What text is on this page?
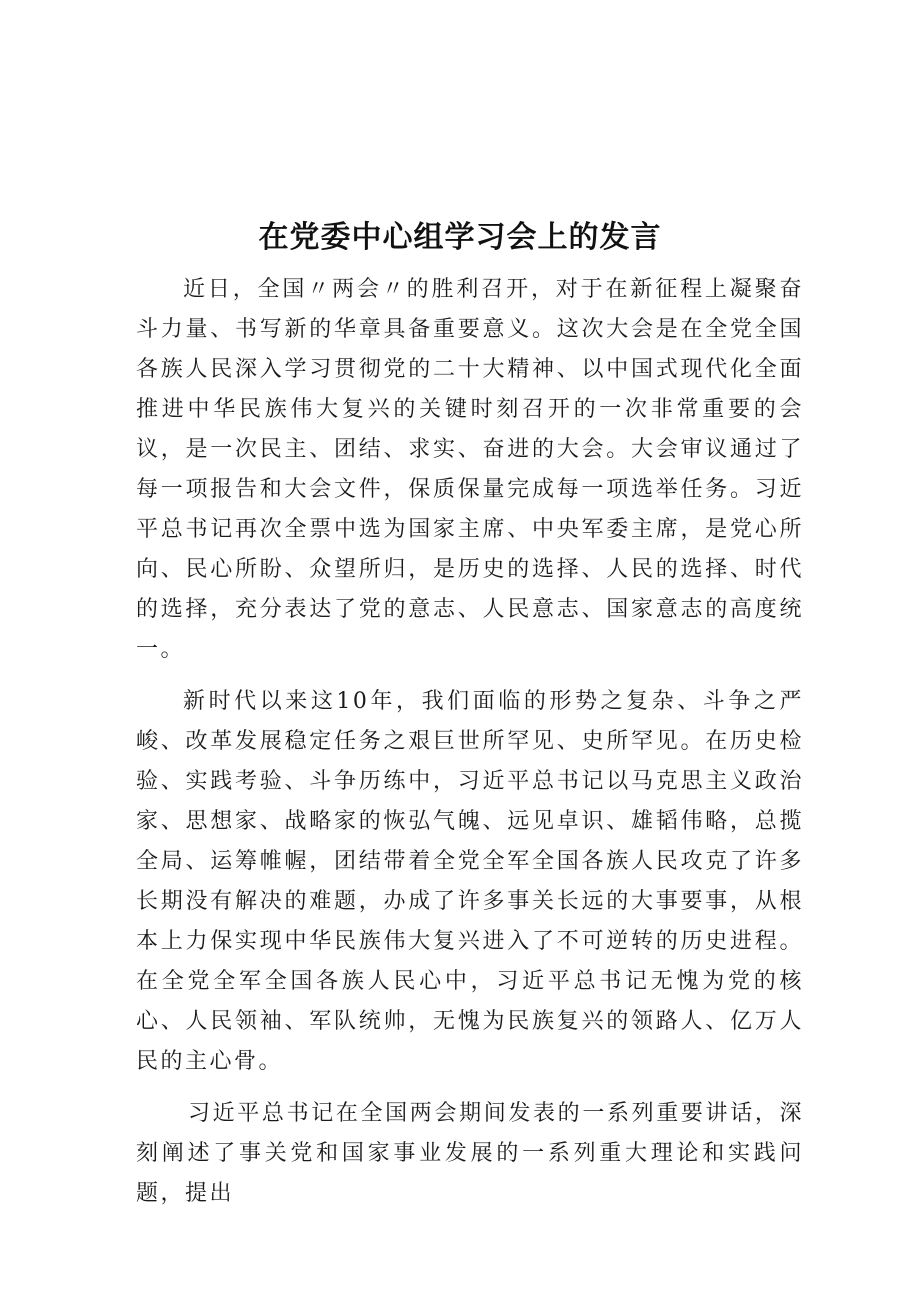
在党委中心组学习会上的发言

近日，全国〃两会〃的胜利召开，对于在新征程上凝聚奋斗力量、书写新的华章具备重要意义。这次大会是在全党全国各族人民深入学习贯彻党的二十大精神、以中国式现代化全面推进中华民族伟大复兴的关键时刻召开的一次非常重要的会议，是一次民主、团结、求实、奋进的大会。大会审议通过了每一项报告和大会文件，保质保量完成每一项选举任务。习近平总书记再次全票中选为国家主席、中央军委主席，是党心所向、民心所盼、众望所归，是历史的选择、人民的选择、时代的选择，充分表达了党的意志、人民意志、国家意志的高度统一。

新时代以来这10年，我们面临的形势之复杂、斗争之严峻、改革发展稳定任务之艰巨世所罕见、史所罕见。在历史检验、实践考验、斗争历练中，习近平总书记以马克思主义政治家、思想家、战略家的恢弘气魄、远见卓识、雄韬伟略，总揽全局、运筹帷幄，团结带着全党全军全国各族人民攻克了许多长期没有解决的难题，办成了许多事关长远的大事要事，从根本上力保实现中华民族伟大复兴进入了不可逆转的历史进程。在全党全军全国各族人民心中，习近平总书记无愧为党的核心、人民领袖、军队统帅，无愧为民族复兴的领路人、亿万人民的主心骨。

习近平总书记在全国两会期间发表的一系列重要讲话，深刻阐述了事关党和国家事业发展的一系列重大理论和实践问题，提出
